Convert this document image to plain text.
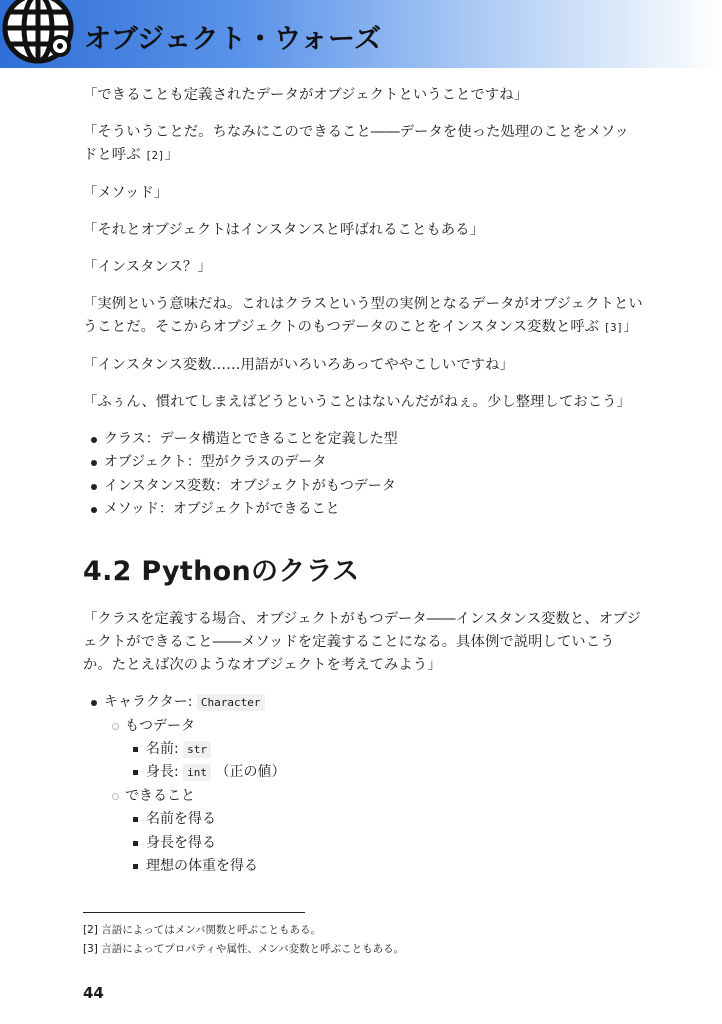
オブジェクト・ウォーズ

「できることも定義されたデータがオブジェクトということですね」

「そういうことだ。ちなみにこのできること――データを使った処理のことをメソッドと呼ぶ [2]」

「メソッド」

「それとオブジェクトはインスタンスと呼ばれることもある」

「インスタンス？」

「実例という意味だね。これはクラスという型の実例となるデータがオブジェクトということだ。そこからオブジェクトのもつデータのことをインスタンス変数と呼ぶ [3]」

「インスタンス変数……用語がいろいろあってややこしいですね」

「ふぅん、慣れてしまえばどうということはないんだがねぇ。少し整理しておこう」

クラス：データ構造とできることを定義した型
オブジェクト：型がクラスのデータ
インスタンス変数：オブジェクトがもつデータ
メソッド：オブジェクトができること
4.2 Pythonのクラス

「クラスを定義する場合、オブジェクトがもつデータ――インスタンス変数と、オブジェクトができること――メソッドを定義することになる。具体例で説明していこうか。たとえば次のようなオブジェクトを考えてみよう」

キャラクター: Character
もつデータ
名前: str
身長: int （正の値）
できること
名前を得る
身長を得る
理想の体重を得る
[2] 言語によってはメンバ関数と呼ぶこともある。
[3] 言語によってプロパティや属性、メンバ変数と呼ぶこともある。
44
